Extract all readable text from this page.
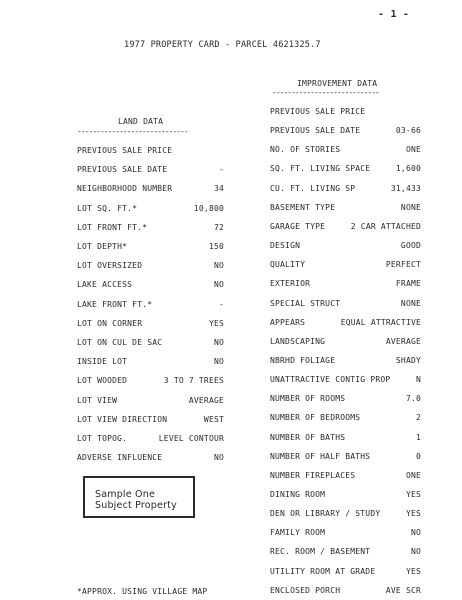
- 1 -
1977 PROPERTY CARD - PARCEL 4621325.7
IMPROVEMENT DATA
----------------------------
LAND DATA
-----------------------------
PREVIOUS SALE PRICE
PREVIOUS SALE DATE	-
NEIGHBORHOOD NUMBER	34
LOT SQ. FT.*	10,800
LOT FRONT FT.*	72
LOT DEPTH*	150
LOT OVERSIZED	NO
LAKE ACCESS	NO
LAKE FRONT FT.*	-
LOT ON CORNER	YES
LOT ON CUL DE SAC	NO
INSIDE LOT	NO
LOT WOODED	3 TO 7 TREES
LOT VIEW	AVERAGE
LOT VIEW DIRECTION	WEST
LOT TOPOG.	LEVEL CONTOUR
ADVERSE INFLUENCE	NO
PREVIOUS SALE PRICE
PREVIOUS SALE DATE	03-66
NO. OF STORIES	ONE
SQ. FT. LIVING SPACE	1,600
CU. FT. LIVING SP	31,433
BASEMENT TYPE	NONE
GARAGE TYPE	2 CAR ATTACHED
DESIGN	GOOD
QUALITY	PERFECT
EXTERIOR	FRAME
SPECIAL STRUCT	NONE
APPEARS	EQUAL ATTRACTIVE
LANDSCAPING	AVERAGE
NBRHD FOLIAGE	SHADY
UNATTRACTIVE CONTIG PROP	N
NUMBER OF ROOMS	7.0
NUMBER OF BEDROOMS	2
NUMBER OF BATHS	1
NUMBER OF HALF BATHS	0
NUMBER FIREPLACES	ONE
DINING ROOM	YES
DEN OR LIBRARY / STUDY	YES
FAMILY ROOM	NO
REC. ROOM / BASEMENT	NO
UTILITY ROOM AT GRADE	YES
ENCLOSED PORCH	AVE SCR
Sample One
Subject Property
*APPROX. USING VILLAGE MAP
